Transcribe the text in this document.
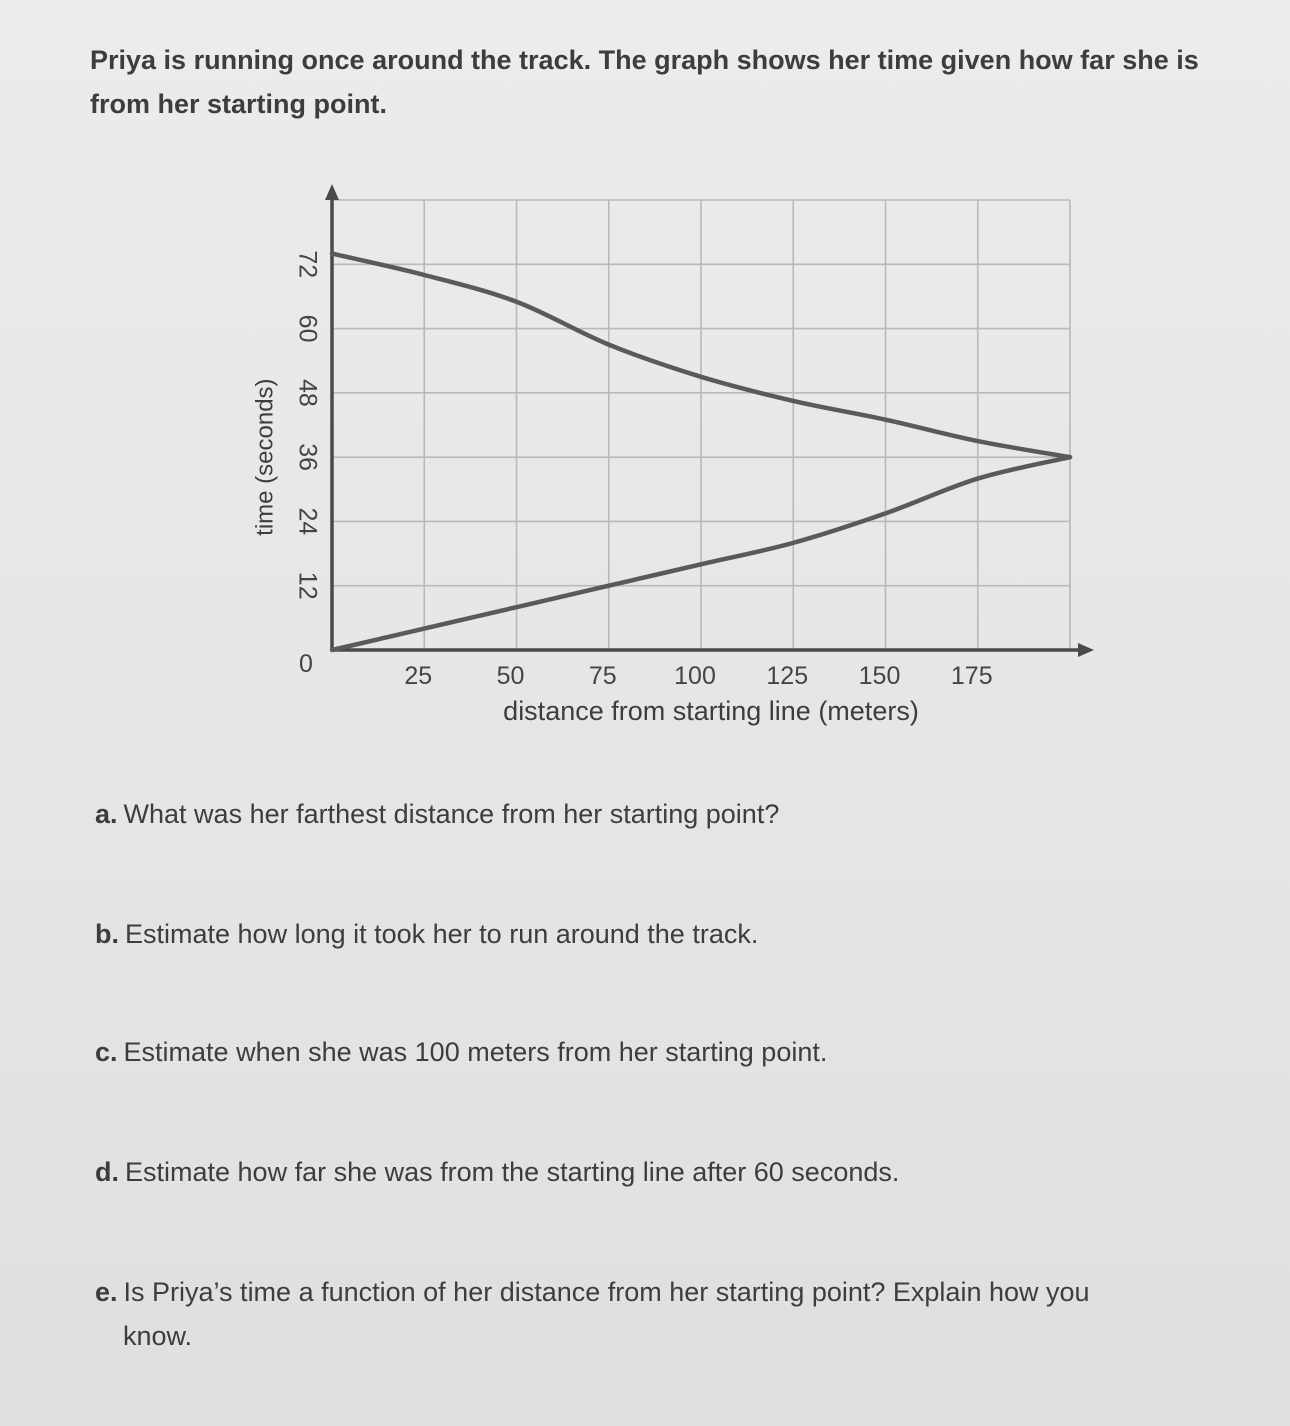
Priya is running once around the track. The graph shows her time given how far she is from her starting point.
25	50	75 100 125 150 175
12
24
36
48
60
72
0
distance from starting line (meters)
time (seconds)
a. What was her farthest distance from her starting point?
b. Estimate how long it took her to run around the track.
c. Estimate when she was 100 meters from her starting point.
d. Estimate how far she was from the starting line after 60 seconds.
e. Is Priya’s time a function of her distance from her starting point? Explain how you
know.
